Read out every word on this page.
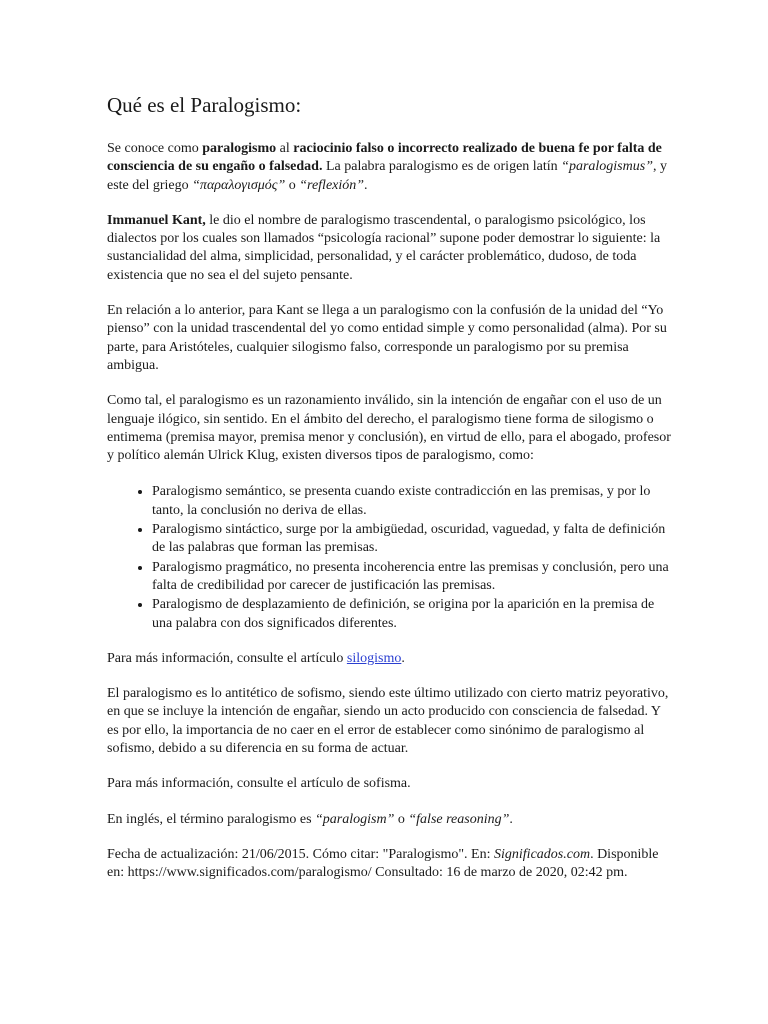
Qué es el Paralogismo:

Se conoce como paralogismo al raciocinio falso o incorrecto realizado de buena fe por falta de consciencia de su engaño o falsedad. La palabra paralogismo es de origen latín “paralogismus”, y este del griego “παραλογισμός” o “reflexión”.

Immanuel Kant, le dio el nombre de paralogismo trascendental, o paralogismo psicológico, los dialectos por los cuales son llamados “psicología racional” supone poder demostrar lo siguiente: la sustancialidad del alma, simplicidad, personalidad, y el carácter problemático, dudoso, de toda existencia que no sea el del sujeto pensante.

En relación a lo anterior, para Kant se llega a un paralogismo con la confusión de la unidad del “Yo pienso” con la unidad trascendental del yo como entidad simple y como personalidad (alma). Por su parte, para Aristóteles, cualquier silogismo falso, corresponde un paralogismo por su premisa ambigua.

Como tal, el paralogismo es un razonamiento inválido, sin la intención de engañar con el uso de un lenguaje ilógico, sin sentido. En el ámbito del derecho, el paralogismo tiene forma de silogismo o entimema (premisa mayor, premisa menor y conclusión), en virtud de ello, para el abogado, profesor y político alemán Ulrick Klug, existen diversos tipos de paralogismo, como:

• Paralogismo semántico, se presenta cuando existe contradicción en las premisas, y por lo tanto, la conclusión no deriva de ellas.
• Paralogismo sintáctico, surge por la ambigüedad, oscuridad, vaguedad, y falta de definición de las palabras que forman las premisas.
• Paralogismo pragmático, no presenta incoherencia entre las premisas y conclusión, pero una falta de credibilidad por carecer de justificación las premisas.
• Paralogismo de desplazamiento de definición, se origina por la aparición en la premisa de una palabra con dos significados diferentes.

Para más información, consulte el artículo silogismo.

El paralogismo es lo antitético de sofismo, siendo este último utilizado con cierto matriz peyorativo, en que se incluye la intención de engañar, siendo un acto producido con consciencia de falsedad. Y es por ello, la importancia de no caer en el error de establecer como sinónimo de paralogismo al sofismo, debido a su diferencia en su forma de actuar.

Para más información, consulte el artículo de sofisma.

En inglés, el término paralogismo es “paralogism” o “false reasoning”.

Fecha de actualización: 21/06/2015. Cómo citar: "Paralogismo". En: Significados.com. Disponible en: https://www.significados.com/paralogismo/ Consultado: 16 de marzo de 2020, 02:42 pm.
